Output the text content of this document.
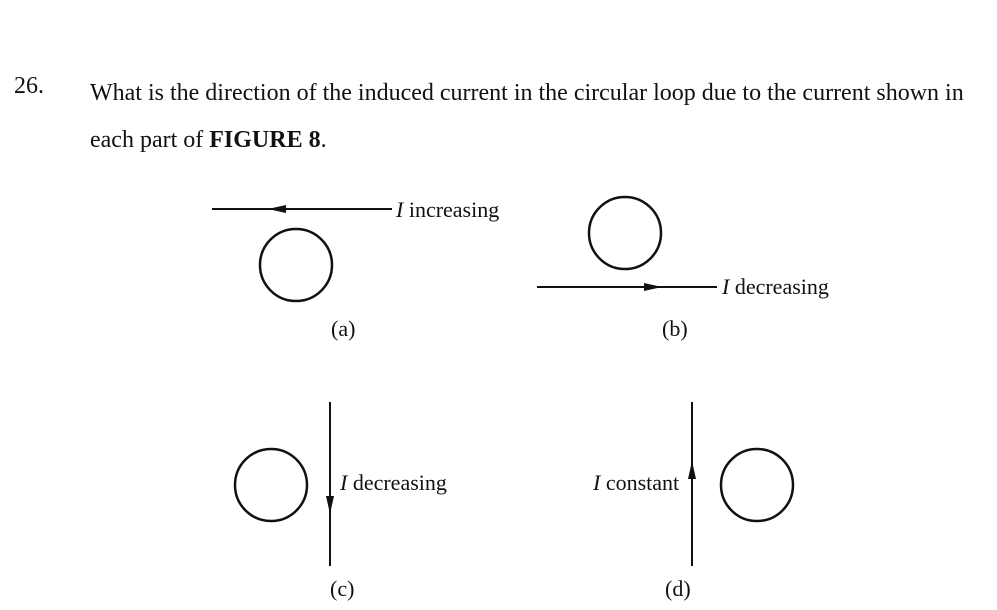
26. What is the direction of the induced current in the circular loop due to the current shown in each part of FIGURE 8.
I increasing
(a)
I decreasing
(b)
I decreasing
(c)
I constant
(d)
